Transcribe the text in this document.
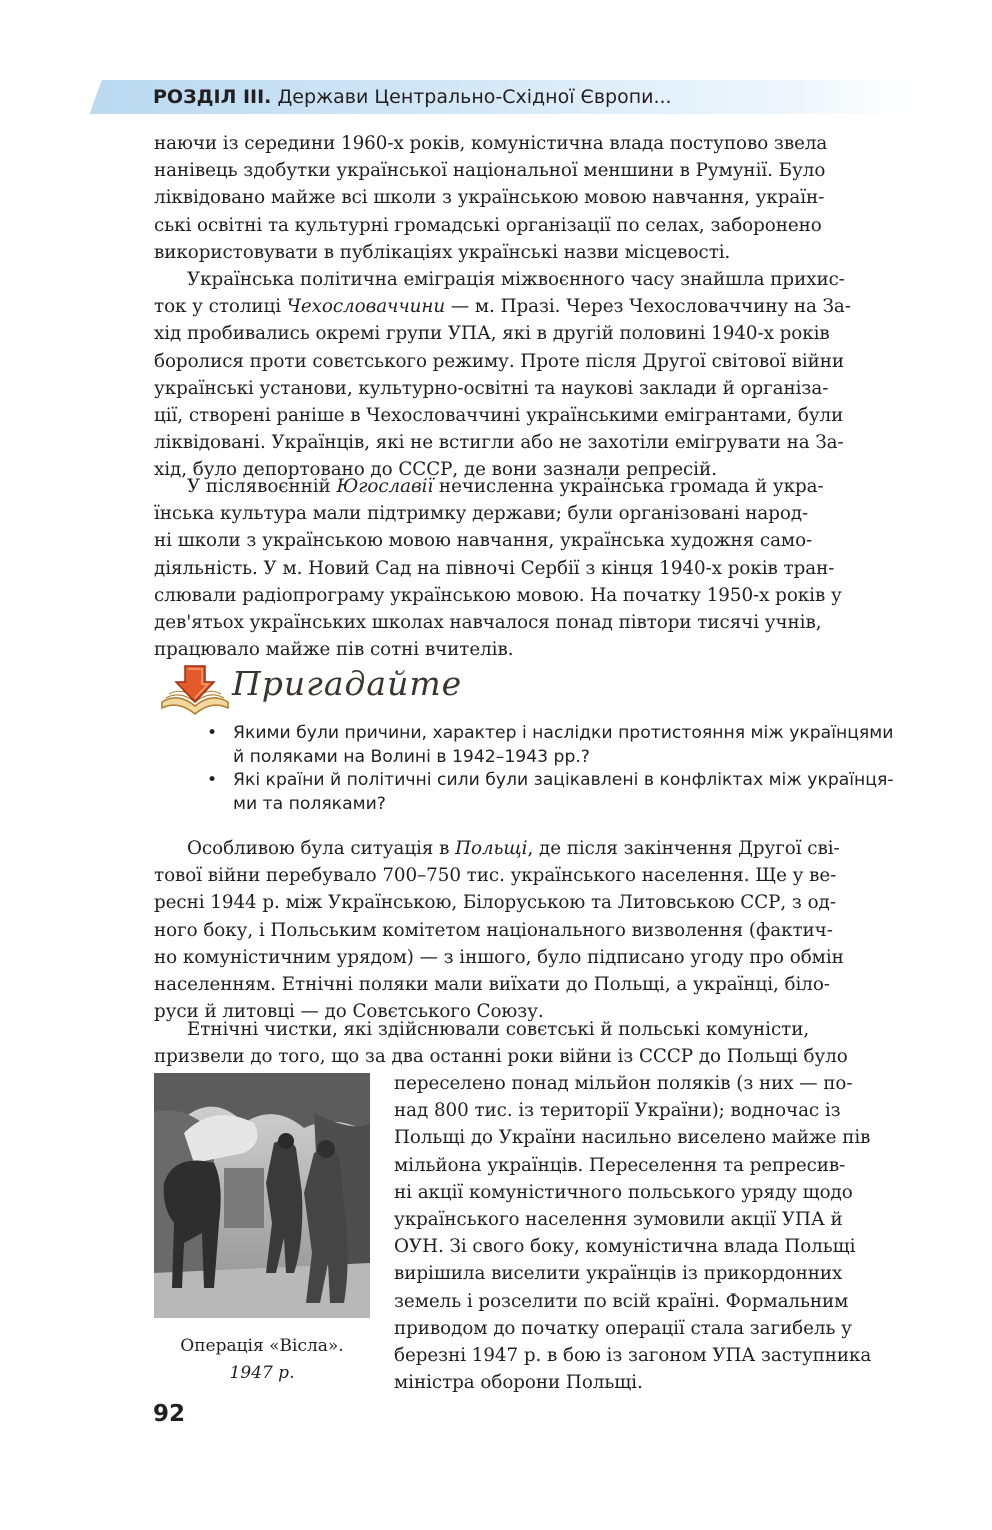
РОЗДІЛ III. Держави Центрально-Східної Європи...
наючи із середини 1960-х років, комуністична влада поступово звела
нанівець здобутки української національної меншини в Румунії. Було
ліквідовано майже всі школи з українською мовою навчання, україн-
ські освітні та культурні громадські організації по селах, заборонено
використовувати в публікаціях українські назви місцевості.
Українська політична еміграція міжвоєнного часу знайшла прихис-
ток у столиці Чехословаччини — м. Празі. Через Чехословаччину на За-
хід пробивались окремі групи УПА, які в другій половині 1940-х років
боролися проти совєтського режиму. Проте після Другої світової війни
українські установи, культурно-освітні та наукові заклади й організа-
ції, створені раніше в Чехословаччині українськими емігрантами, були
ліквідовані. Українців, які не встигли або не захотіли емігрувати на За-
хід, було депортовано до СССР, де вони зазнали репресій.
У післявоєнній Югославії нечисленна українська громада й укра-
їнська культура мали підтримку держави; були організовані народ-
ні школи з українською мовою навчання, українська художня само-
діяльність. У м. Новий Сад на півночі Сербії з кінця 1940-х років тран-
слювали радіопрограму українською мовою. На початку 1950-х років у
дев'ятьох українських школах навчалося понад півтори тисячі учнів,
працювало майже пів сотні вчителів.
Пригадайте
• Якими були причини, характер і наслідки протистояння між українцями
й поляками на Волині в 1942–1943 рр.?
• Які країни й політичні сили були зацікавлені в конфліктах між українця-
ми та поляками?
Особливою була ситуація в Польщі, де після закінчення Другої сві-
тової війни перебувало 700–750 тис. українського населення. Ще у ве-
ресні 1944 р. між Українською, Білоруською та Литовською ССР, з од-
ного боку, і Польським комітетом національного визволення (фактич-
но комуністичним урядом) — з іншого, було підписано угоду про обмін
населенням. Етнічні поляки мали виїхати до Польщі, а українці, біло-
руси й литовці — до Совєтського Союзу.
Етнічні чистки, які здійснювали совєтські й польські комуністи,
призвели до того, що за два останні роки війни із СССР до Польщі було
Операція «Вісла».
1947 р.
переселено понад мільйон поляків (з них — по-
над 800 тис. із території України); водночас із
Польщі до України насильно виселено майже пів
мільйона українців. Переселення та репресив-
ні акції комуністичного польського уряду щодо
українського населення зумовили акції УПА й
ОУН. Зі свого боку, комуністична влада Польщі
вирішила виселити українців із прикордонних
земель і розселити по всій країні. Формальним
приводом до початку операції стала загибель у
березні 1947 р. в бою із загоном УПА заступника
міністра оборони Польщі.
92
